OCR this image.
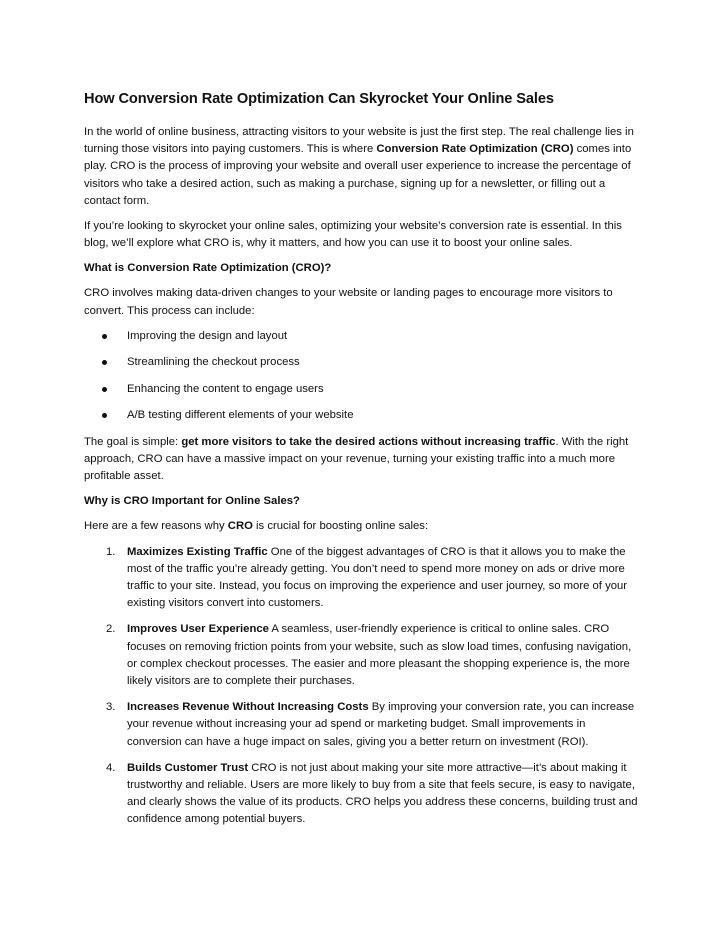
How Conversion Rate Optimization Can Skyrocket Your Online Sales

In the world of online business, attracting visitors to your website is just the first step. The real challenge lies in turning those visitors into paying customers. This is where Conversion Rate Optimization (CRO) comes into play. CRO is the process of improving your website and overall user experience to increase the percentage of visitors who take a desired action, such as making a purchase, signing up for a newsletter, or filling out a contact form.

If you’re looking to skyrocket your online sales, optimizing your website’s conversion rate is essential. In this blog, we’ll explore what CRO is, why it matters, and how you can use it to boost your online sales.

What is Conversion Rate Optimization (CRO)?

CRO involves making data-driven changes to your website or landing pages to encourage more visitors to convert. This process can include:

Improving the design and layout
Streamlining the checkout process
Enhancing the content to engage users
A/B testing different elements of your website

The goal is simple: get more visitors to take the desired actions without increasing traffic. With the right approach, CRO can have a massive impact on your revenue, turning your existing traffic into a much more profitable asset.

Why is CRO Important for Online Sales?

Here are a few reasons why CRO is crucial for boosting online sales:

1. Maximizes Existing Traffic One of the biggest advantages of CRO is that it allows you to make the most of the traffic you’re already getting. You don’t need to spend more money on ads or drive more traffic to your site. Instead, you focus on improving the experience and user journey, so more of your existing visitors convert into customers.
2. Improves User Experience A seamless, user-friendly experience is critical to online sales. CRO focuses on removing friction points from your website, such as slow load times, confusing navigation, or complex checkout processes. The easier and more pleasant the shopping experience is, the more likely visitors are to complete their purchases.
3. Increases Revenue Without Increasing Costs By improving your conversion rate, you can increase your revenue without increasing your ad spend or marketing budget. Small improvements in conversion can have a huge impact on sales, giving you a better return on investment (ROI).
4. Builds Customer Trust CRO is not just about making your site more attractive—it’s about making it trustworthy and reliable. Users are more likely to buy from a site that feels secure, is easy to navigate, and clearly shows the value of its products. CRO helps you address these concerns, building trust and confidence among potential buyers.
